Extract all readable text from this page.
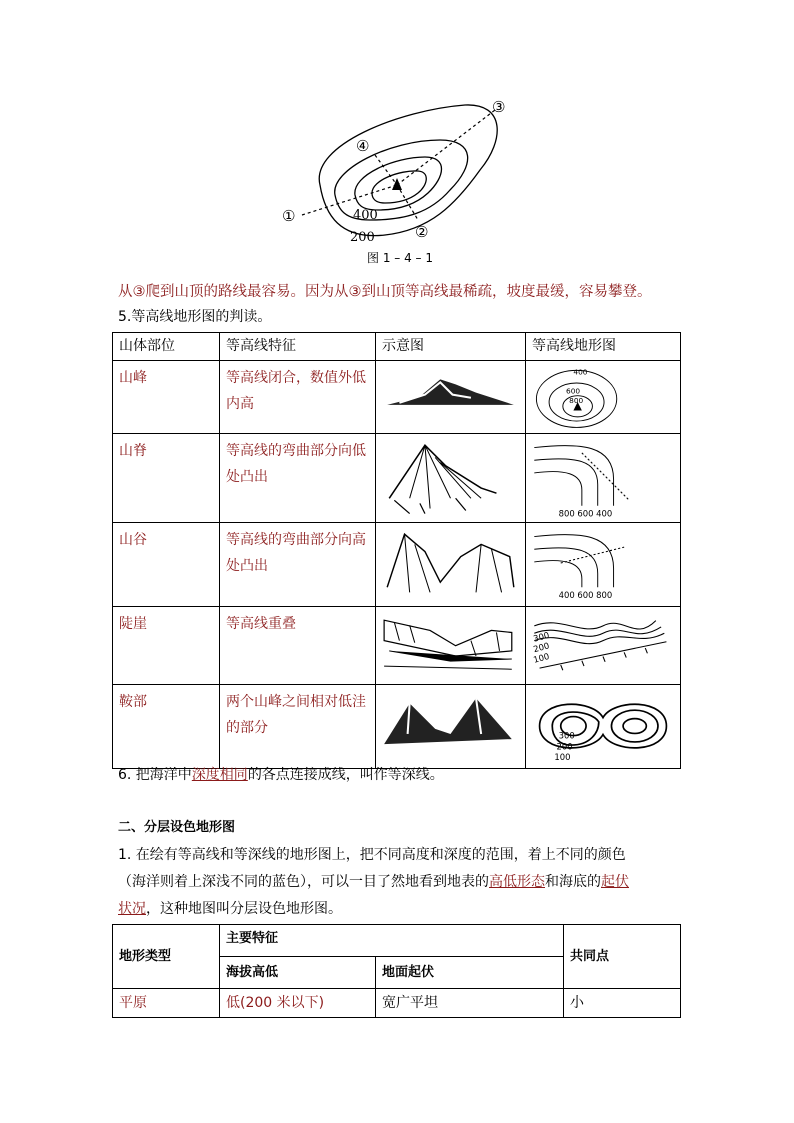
①
②
③
④
400
200
图 1 – 4 – 1
从③爬到山顶的路线最容易。因为从③到山顶等高线最稀疏，坡度最缓，容易攀登。
5.等高线地形图的判读。
山体部位	等高线特征	示意图	等高线地形图
山峰	等高线闭合，数值外低内高		400
600
800

山脊	等高线的弯曲部分向低处凸出		800 600 400

山谷	等高线的弯曲部分向高处凸出		400 600 800

陡崖	等高线重叠		300
200
100

鞍部	两个山峰之间相对低洼的部分		300
200
100
6. 把海洋中深度相同的各点连接成线，叫作等深线。
二、分层设色地形图
1. 在绘有等高线和等深线的地形图上，把不同高度和深度的范围，着上不同的颜色
（海洋则着上深浅不同的蓝色），可以一目了然地看到地表的高低形态和海底的起伏
状况，这种地图叫分层设色地形图。
地形类型	主要特征		共同点
	海拔高低	地面起伏	
平原	低(200 米以下)	宽广平坦	小
